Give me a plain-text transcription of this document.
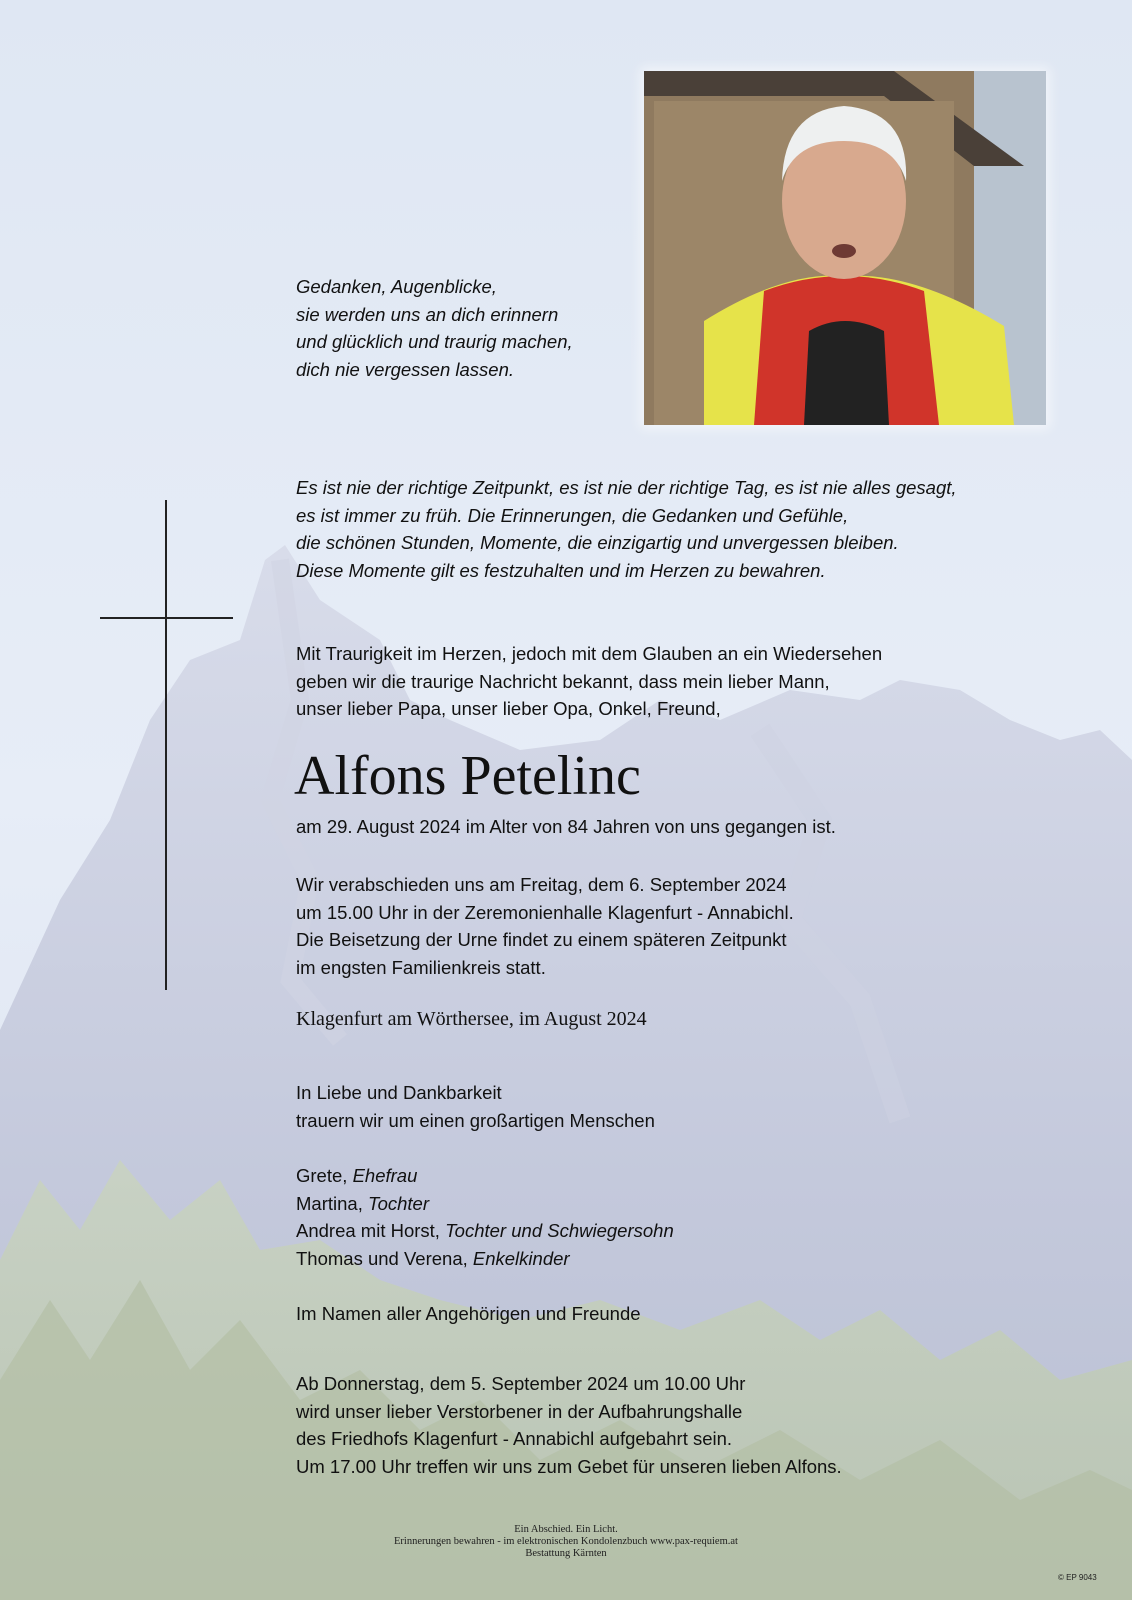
Gedanken, Augenblicke,
sie werden uns an dich erinnern
und glücklich und traurig machen,
dich nie vergessen lassen.
Es ist nie der richtige Zeitpunkt, es ist nie der richtige Tag, es ist nie alles gesagt,
es ist immer zu früh. Die Erinnerungen, die Gedanken und Gefühle,
die schönen Stunden, Momente, die einzigartig und unvergessen bleiben.
Diese Momente gilt es festzuhalten und im Herzen zu bewahren.
Mit Traurigkeit im Herzen, jedoch mit dem Glauben an ein Wiedersehen
geben wir die traurige Nachricht bekannt, dass mein lieber Mann,
unser lieber Papa, unser lieber Opa, Onkel, Freund,
Alfons Petelinc
am 29. August 2024 im Alter von 84 Jahren von uns gegangen ist.
Wir verabschieden uns am Freitag, dem 6. September 2024
um 15.00 Uhr in der Zeremonienhalle Klagenfurt - Annabichl.
Die Beisetzung der Urne findet zu einem späteren Zeitpunkt
im engsten Familienkreis statt.
Klagenfurt am Wörthersee, im August 2024
In Liebe und Dankbarkeit
trauern wir um einen großartigen Menschen
Grete, Ehefrau
Martina, Tochter
Andrea mit Horst, Tochter und Schwiegersohn
Thomas und Verena, Enkelkinder
Im Namen aller Angehörigen und Freunde
Ab Donnerstag, dem 5. September 2024 um 10.00 Uhr
wird unser lieber Verstorbener in der Aufbahrungshalle
des Friedhofs Klagenfurt - Annabichl aufgebahrt sein.
Um 17.00 Uhr treffen wir uns zum Gebet für unseren lieben Alfons.
Ein Abschied. Ein Licht.
Erinnerungen bewahren - im elektronischen Kondolenzbuch www.pax-requiem.at
Bestattung Kärnten
© EP 9043
